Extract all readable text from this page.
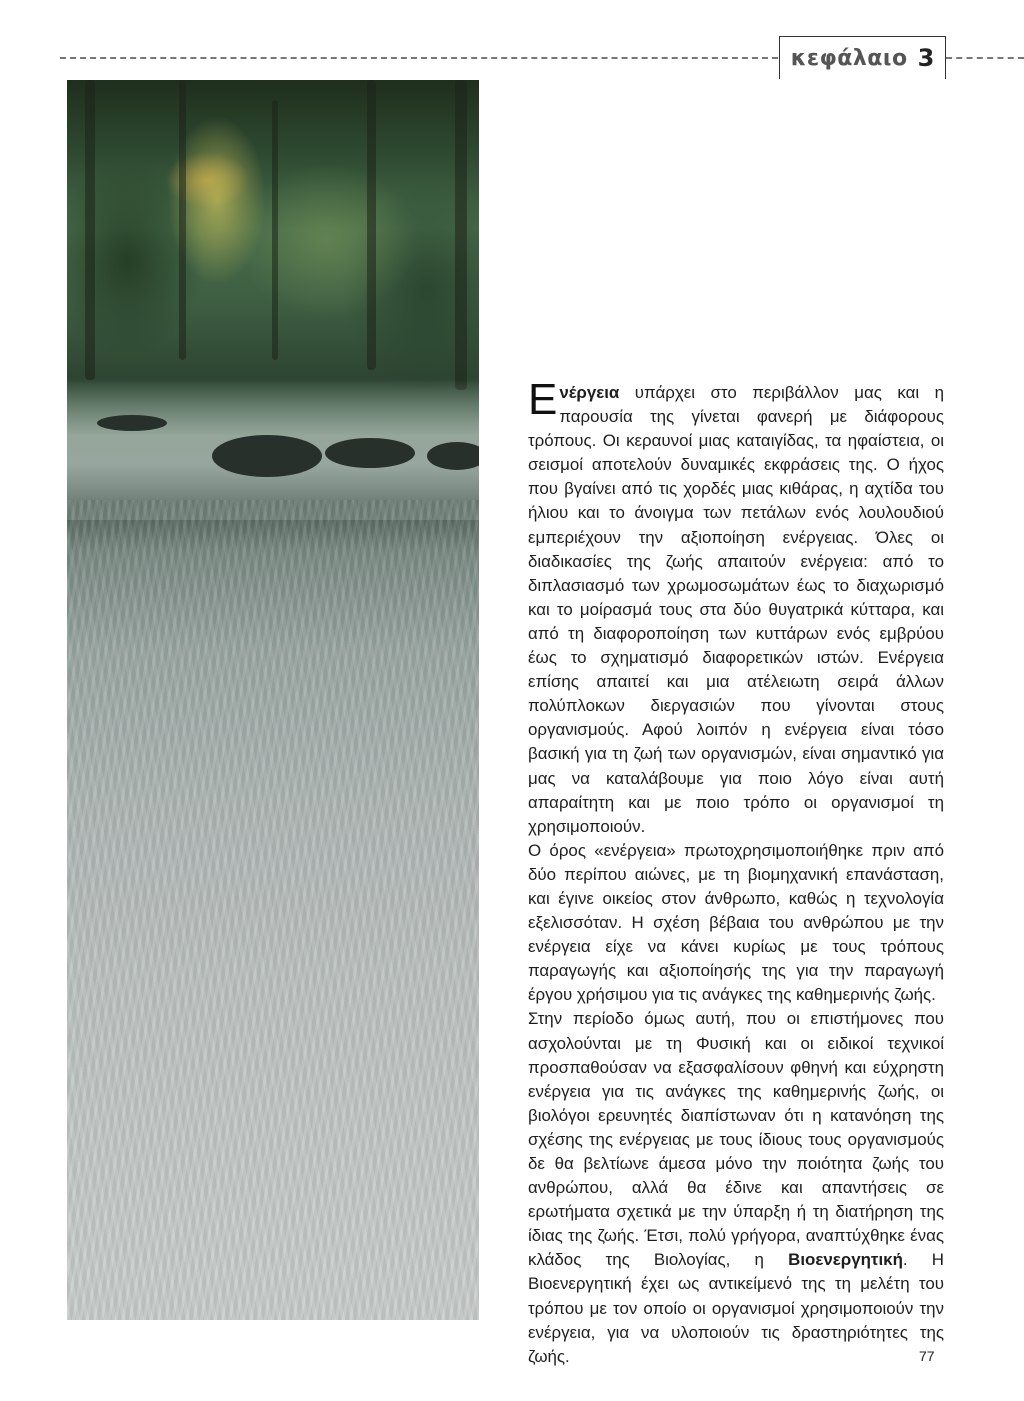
κεφάλαιο 3

Ενέργεια υπάρχει στο περιβάλλον μας και η παρουσία της γίνεται φανερή με διάφορους τρόπους. Οι κεραυνοί μιας καταιγίδας, τα ηφαίστεια, οι σεισμοί αποτελούν δυναμικές εκφράσεις της. Ο ήχος που βγαίνει από τις χορδές μιας κιθάρας, η αχτίδα του ήλιου και το άνοιγμα των πετάλων ενός λουλουδιού εμπεριέχουν την αξιοποίηση ενέργειας. Όλες οι διαδικασίες της ζωής απαιτούν ενέργεια: από το διπλασιασμό των χρωμοσωμάτων έως το διαχωρισμό και το μοίρασμά τους στα δύο θυγατρικά κύτταρα, και από τη διαφοροποίηση των κυττάρων ενός εμβρύου έως το σχηματισμό διαφορετικών ιστών. Ενέργεια επίσης απαιτεί και μια ατέλειωτη σειρά άλλων πολύπλοκων διεργασιών που γίνονται στους οργανισμούς. Αφού λοιπόν η ενέργεια είναι τόσο βασική για τη ζωή των οργανισμών, είναι σημαντικό για μας να καταλάβουμε για ποιο λόγο είναι αυτή απαραίτητη και με ποιο τρόπο οι οργανισμοί τη χρησιμοποιούν.

Ο όρος «ενέργεια» πρωτοχρησιμοποιήθηκε πριν από δύο περίπου αιώνες, με τη βιομηχανική επανάσταση, και έγινε οικείος στον άνθρωπο, καθώς η τεχνολογία εξελισσόταν. Η σχέση βέβαια του ανθρώπου με την ενέργεια είχε να κάνει κυρίως με τους τρόπους παραγωγής και αξιοποίησής της για την παραγωγή έργου χρήσιμου για τις ανάγκες της καθημερινής ζωής.

Στην περίοδο όμως αυτή, που οι επιστήμονες που ασχολούνται με τη Φυσική και οι ειδικοί τεχνικοί προσπαθούσαν να εξασφαλίσουν φθηνή και εύχρηστη ενέργεια για τις ανάγκες της καθημερινής ζωής, οι βιολόγοι ερευνητές διαπίστωναν ότι η κατανόηση της σχέσης της ενέργειας με τους ίδιους τους οργανισμούς δε θα βελτίωνε άμεσα μόνο την ποιότητα ζωής του ανθρώπου, αλλά θα έδινε και απαντήσεις σε ερωτήματα σχετικά με την ύπαρξη ή τη διατήρηση της ίδιας της ζωής. Έτσι, πολύ γρήγορα, αναπτύχθηκε ένας κλάδος της Βιολογίας, η Βιοενεργητική. Η Βιοενεργητική έχει ως αντικείμενό της τη μελέτη του τρόπου με τον οποίο οι οργανισμοί χρησιμοποιούν την ενέργεια, για να υλοποιούν τις δραστηριότητες της ζωής.	77
